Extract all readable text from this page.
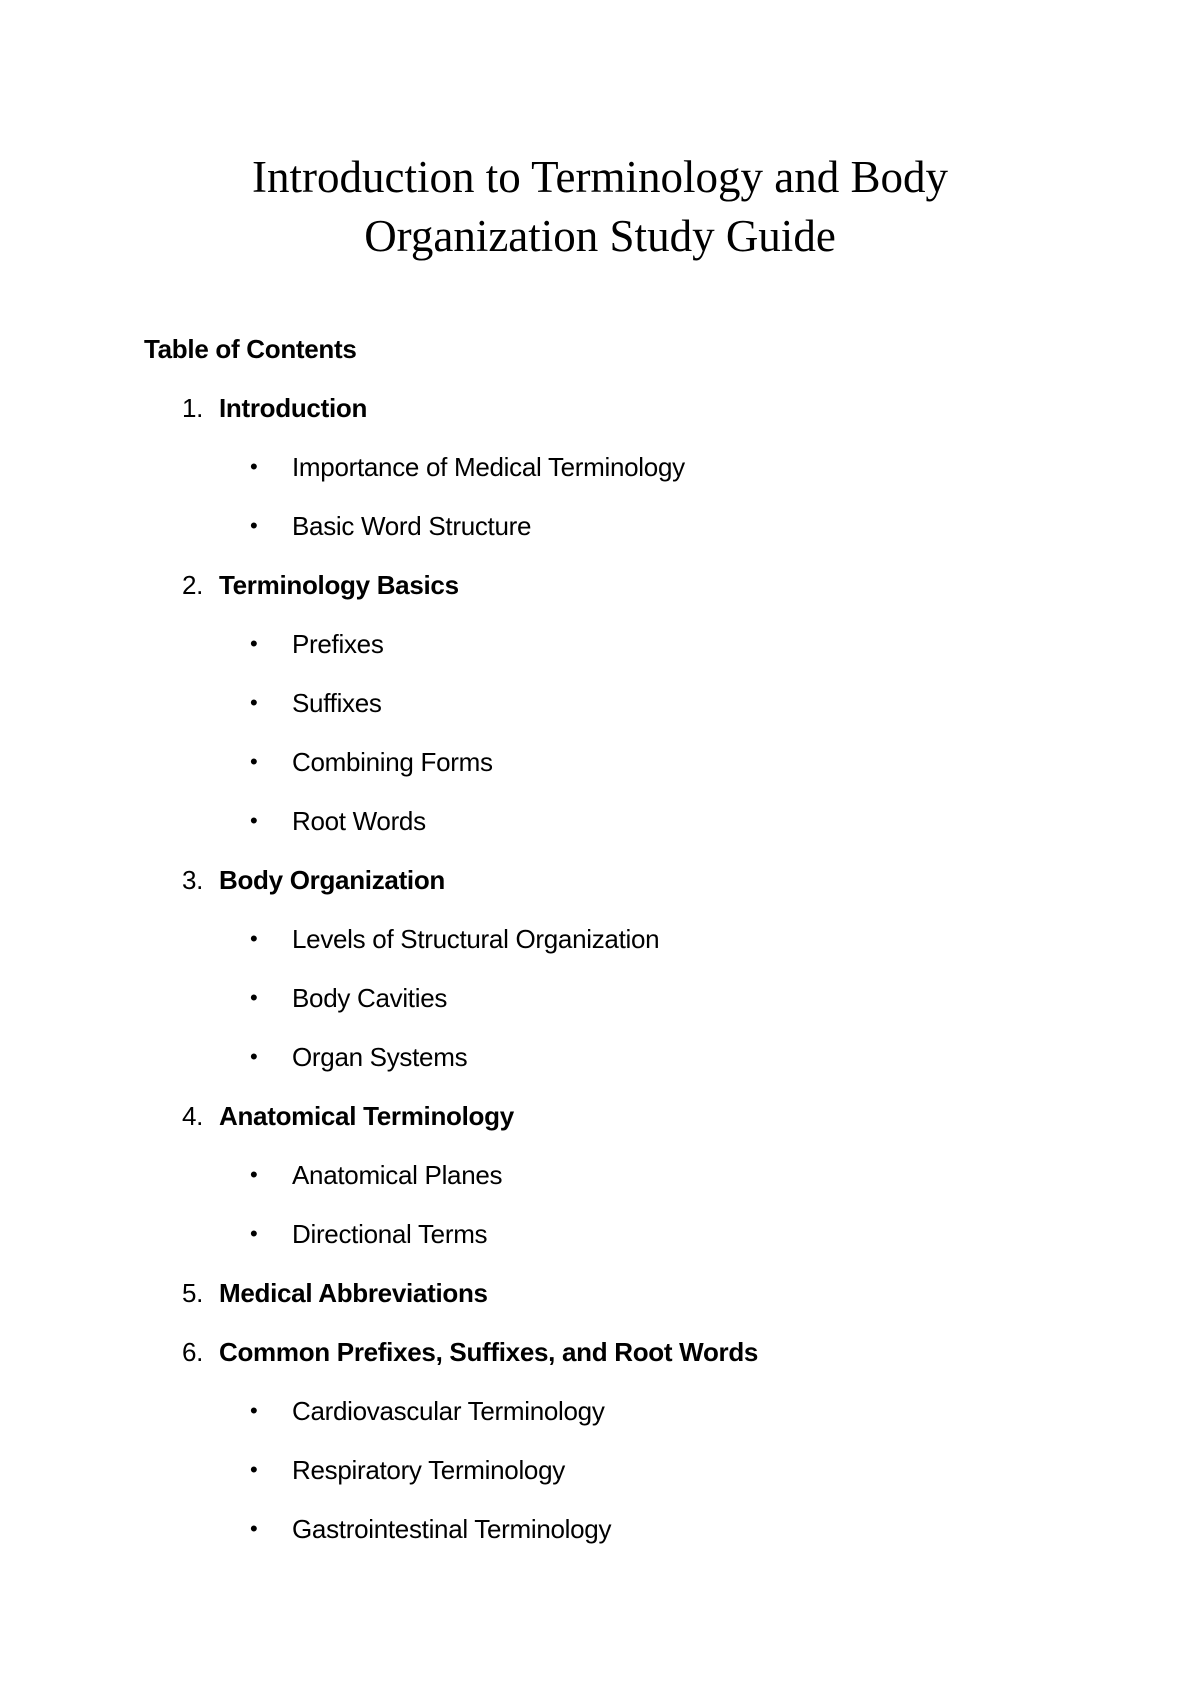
Introduction to Terminology and Body
Organization Study Guide
Table of Contents
1. Introduction
• Importance of Medical Terminology
• Basic Word Structure
2. Terminology Basics
• Prefixes
• Suffixes
• Combining Forms
• Root Words
3. Body Organization
• Levels of Structural Organization
• Body Cavities
• Organ Systems
4. Anatomical Terminology
• Anatomical Planes
• Directional Terms
5. Medical Abbreviations
6. Common Prefixes, Suffixes, and Root Words
• Cardiovascular Terminology
• Respiratory Terminology
• Gastrointestinal Terminology
